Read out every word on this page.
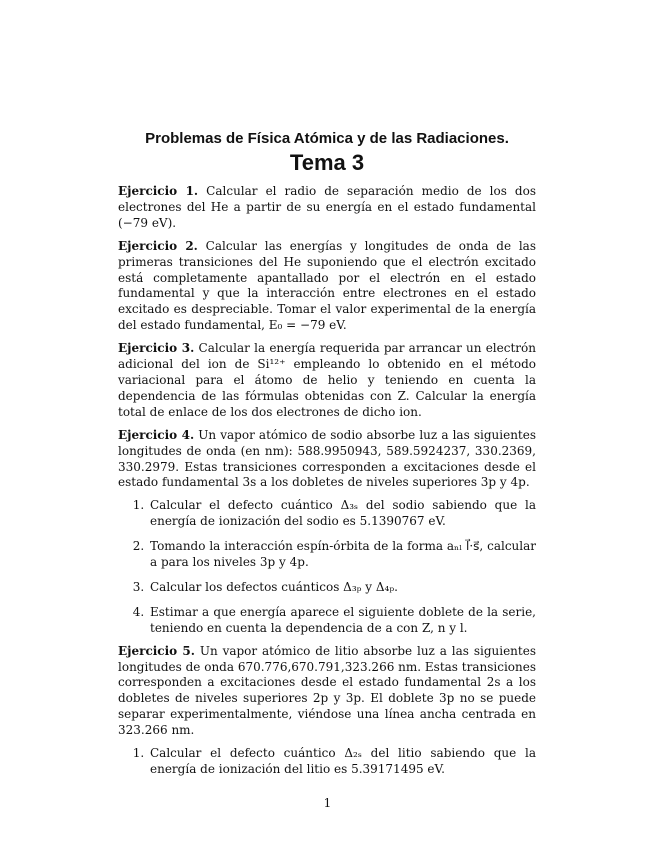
Problemas de Física Atómica y de las Radiaciones.
Tema 3

Ejercicio 1. Calcular el radio de separación medio de los dos electrones del He a partir de su energía en el estado fundamental (−79 eV).

Ejercicio 2. Calcular las energías y longitudes de onda de las primeras transiciones del He suponiendo que el electrón excitado está completamente apantallado por el electrón en el estado fundamental y que la interacción entre electrones en el estado excitado es despreciable. Tomar el valor experimental de la energía del estado fundamental, E₀ = −79 eV.

Ejercicio 3. Calcular la energía requerida par arrancar un electrón adicional del ion de Si¹²⁺ empleando lo obtenido en el método variacional para el átomo de helio y teniendo en cuenta la dependencia de las fórmulas obtenidas con Z. Calcular la energía total de enlace de los dos electrones de dicho ion.

Ejercicio 4. Un vapor atómico de sodio absorbe luz a las siguientes longitudes de onda (en nm): 588.9950943, 589.5924237, 330.2369, 330.2979. Estas transiciones corresponden a excitaciones desde el estado fundamental 3s a los dobletes de niveles superiores 3p y 4p.

1. Calcular el defecto cuántico Δ₃ₛ del sodio sabiendo que la energía de ionización del sodio es 5.1390767 eV.
2. Tomando la interacción espín-órbita de la forma aₙₗ l⃗·s⃗, calcular a para los niveles 3p y 4p.
3. Calcular los defectos cuánticos Δ₃ₚ y Δ₄ₚ.
4. Estimar a que energía aparece el siguiente doblete de la serie, teniendo en cuenta la dependencia de a con Z, n y l.

Ejercicio 5. Un vapor atómico de litio absorbe luz a las siguientes longitudes de onda 670.776,670.791,323.266 nm. Estas transiciones corresponden a excitaciones desde el estado fundamental 2s a los dobletes de niveles superiores 2p y 3p. El doblete 3p no se puede separar experimentalmente, viéndose una línea ancha centrada en 323.266 nm.

1. Calcular el defecto cuántico Δ₂ₛ del litio sabiendo que la energía de ionización del litio es 5.39171495 eV.
1
